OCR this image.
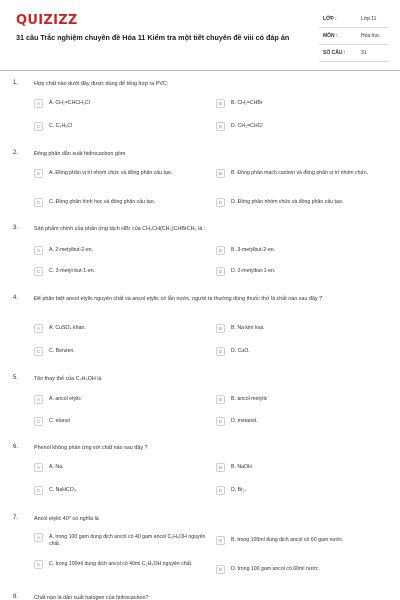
QUIZIZZ
31 câu Trắc nghiệm chuyên đề Hóa 11 Kiểm tra một tiết chuyên đề viii có đáp án
LỚP :	Lớp 11
MÔN :	Hóa học
SỐ CÂU :	31
1.	Hợp chất nào dưới đây được dùng để tổng hợp ra PVC:
A	A. CH₂=CHCH₂Cl	B	B. CH₂=CHBr
C	C. C₆H₅Cl	D	D. CH₂=CHCl
2.	Đồng phân dẫn xuất hiđrocacbon gồm
A	A. Đồng phân vị trí nhóm chức và đồng phân cấu tạo.	B	B. Đồng phân mạch cacbon và đồng phân vị trí nhóm chức.
C	C. Đồng phân hình học và đồng phân cấu tạo.	D	D. Đồng phân nhóm chức và đồng phân cấu tạo.
3.	Sản phẩm chính của phản ứng tách HBr của CH₃CH(CH₃)CHBrCH₃ là :
A	A. 2-metylbut-2-en.	B	B. 3-metylbut-2-en.
C	C. 3-metyl-but-1-en.	D	D. 2-metylbut-1-en.
4.	Để phân biệt ancol etylic nguyên chất và ancol etylic có lẫn nước, người ta thường dùng thuốc thử là chất nào sau đây ?
A	A. CuSO₄ khan.	B	B. Na kim loại.
C	C. Benzen.	D	D. CuO.
5.	Tên thay thế của C₂H₅OH là
A	A. ancol etylic	B	B. ancol metylic
C	C. etanol	D	D. metanol.
6.	Phenol không phản ứng với chất nào sau đây ?
A	A. Na.	B	B. NaOH.
C	C. NaHCO₃.	D	D. Br₂.
7.	Ancol etylic 40° có nghĩa là
A	A. trong 100 gam dung dịch ancol có 40 gam ancol C₂H₅OH nguyên chất.
B	B. trong 100ml dung dịch ancol có 60 gam nước.
C	C. trong 100ml dung dịch ancol có 40ml C₂H₅OH nguyên chất.
D	D. trong 100 gam ancol có 60ml nước.
8.	Chất nào là dẫn xuất halogen của hiđrocacbon?
